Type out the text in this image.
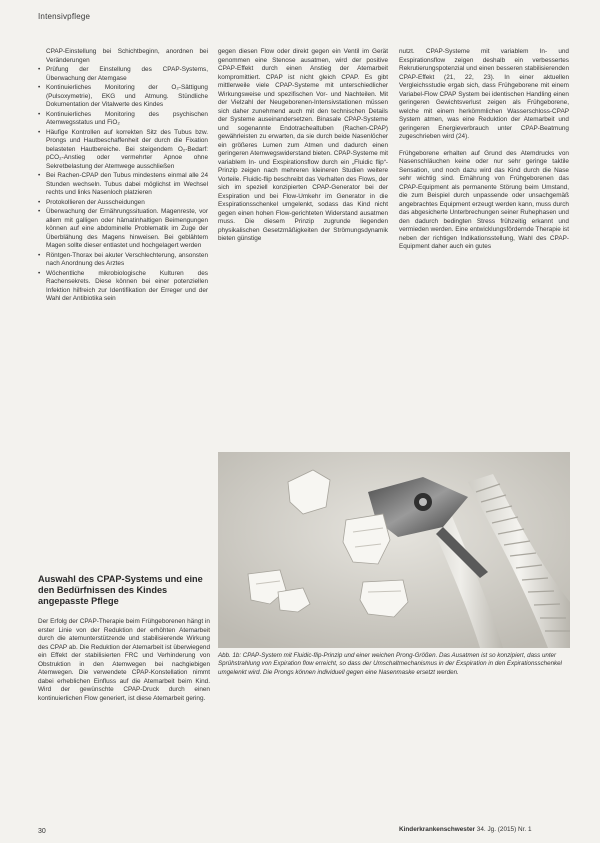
Intensivpflege

CPAP-Einstellung bei Schichtbeginn, anordnen bei Veränderungen

• Prüfung der Einstellung des CPAP-Systems, Überwachung der Atemgase
• Kontinuierliches Monitoring der O₂-Sättigung (Pulsoxymetrie), EKG und Atmung. Stündliche Dokumentation der Vitalwerte des Kindes
• Kontinuierliches Monitoring des psychischen Atemwegsstatus und FiO₂
• Häufige Kontrollen auf korrekten Sitz des Tubus bzw. Prongs und Hautbeschaffenheit der durch die Fixation belasteten Hautbereiche. Bei steigendem O₂-Bedarf: pCO₂-Anstieg oder vermehrter Apnoe ohne Sekretbelastung der Atemwege ausschließen
• Bei Rachen-CPAP den Tubus mindestens einmal alle 24 Stunden wechseln. Tubus dabei möglichst im Wechsel rechts und links Nasenloch platzieren
• Protokollieren der Ausscheidungen
• Überwachung der Ernährungssituation. Magenreste, vor allem mit galligen oder hämatinhaltigen Beimengungen können auf eine abdominelle Problematik im Zuge der Überblähung des Magens hinweisen. Bei geblähtem Magen sollte dieser entlastet und hochgelagert werden
• Röntgen-Thorax bei akuter Verschlechterung, ansonsten nach Anordnung des Arztes
• Wöchentliche mikrobiologische Kulturen des Rachensekrets. Diese können bei einer potenziellen Infektion hilfreich zur Identifikation der Erreger und der Wahl der Antibiotika sein
Auswahl des CPAP-Systems und eine den Bedürfnissen des Kindes angepasste Pflege
Der Erfolg der CPAP-Therapie beim Frühgeborenen hängt in erster Linie von der Reduktion der erhöhten Atemarbeit durch die atemunterstützende und stabilisierende Wirkung des CPAP ab. Die Reduktion der Atemarbeit ist überwiegend ein Effekt der stabilisierten FRC und Verhinderung von Obstruktion in den Atemwegen bei nachgiebigen Atemwegen. Die verwendete CPAP-Konstellation nimmt dabei erheblichen Einfluss auf die Atemarbeit beim Kind. Wird der gewünschte CPAP-Druck durch einen kontinuierlichen Flow generiert, ist diese Atemarbeit gering.

gegen diesen Flow oder direkt gegen ein Ventil im Gerät genommen eine Stenose ausatmen, wird der positive CPAP-Effekt durch einen Anstieg der Atemarbeit kompromittiert. CPAP ist nicht gleich CPAP. Es gibt mittlerweile viele CPAP-Systeme mit unterschiedlicher Wirkungsweise und spezifischen Vor- und Nachteilen. Mit der Vielzahl der Neugeborenen-Intensivstationen müssen sich daher zunehmend auch mit den technischen Details der Systeme auseinandersetzen. Binasale CPAP-Systeme und sogenannte Endotrachealtuben (Rachen-CPAP) gewährleisten zu erwarten, da sie durch beide Nasenlöcher ein größeres Lumen zum Atmen und dadurch einen geringeren Atemwegswiderstand bieten. CPAP-Systeme mit variablem In- und Exspirationsflow durch ein „Fluidic flip“-Prinzip zeigen nach mehreren kleineren Studien weitere Vorteile. Fluidic-flip beschreibt das Verhalten des Flows, der sich im speziell konzipierten CPAP-Generator bei der Exspiration und bei Flow-Umkehr im Generator in die Exspirationsschenkel umgelenkt, sodass das Kind nicht gegen einen hohen Flow-gerichteten Widerstand ausatmen muss. Die diesem Prinzip zugrunde liegenden physikalischen Gesetzmäßigkeiten der Strömungsdynamik bieten günstige

nutzt. CPAP-Systeme mit variablem In- und Exspirationsflow zeigen deshalb ein verbessertes Rekrutierungspotenzial und einen besseren stabilisierenden CPAP-Effekt (21, 22, 23). In einer aktuellen Vergleichsstudie ergab sich, dass Frühgeborene mit einem Variabel-Flow CPAP System bei identischen Handling einen geringeren Gewichtsverlust zeigen als Frühgeborene, welche mit einem herkömmlichen Wasserschloss-CPAP System atmen, was eine Reduktion der Atemarbeit und geringeren Energieverbrauch unter CPAP-Beatmung zugeschrieben wird (24).

Frühgeborene erhalten auf Grund des Atemdrucks von Nasenschläuchen keine oder nur sehr geringe taktile Sensation, und noch dazu wird das Kind durch die Nase sehr wichtig sind. Ernährung von Frühgeborenen das CPAP-Equipment als permanente Störung beim Umstand, die zum Beispiel durch unpassende oder unsachgemäß angebrachtes Equipment erzeugt werden kann, muss durch das abgesicherte Unterbrechungen seiner Ruhephasen und den dadurch bedingten Stress frühzeitig erkannt und vermieden werden. Eine entwicklungsfördernde Therapie ist neben der richtigen Indikationsstellung, Wahl des CPAP-Equipment daher auch ein gutes

Abb. 1b: CPAP-System mit Fluidic-flip-Prinzip und einer weichen Prong-Größen. Das Ausatmen ist so konzipiert, dass unter Sprühstrahlung von Expiration flow erreicht, so dass der Umschaltmechanismus in der Exspiration in den Expirationsschenkel umgelenkt wird. Die Prongs können individuell gegen eine Nasenmaske ersetzt werden.
30	Kinderkrankenschwester 34. Jg. (2015) Nr. 1
